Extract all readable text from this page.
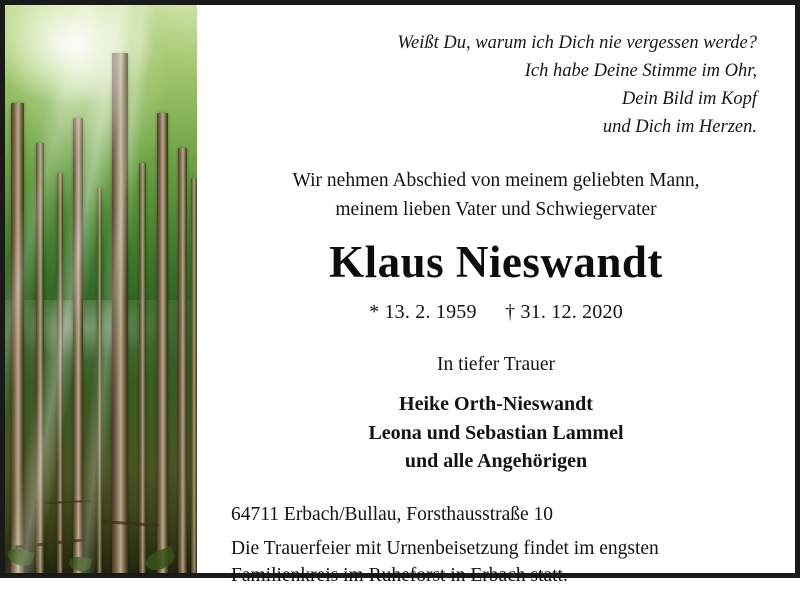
Weißt Du, warum ich Dich nie vergessen werde?
Ich habe Deine Stimme im Ohr,
Dein Bild im Kopf
und Dich im Herzen.
Wir nehmen Abschied von meinem geliebten Mann,
meinem lieben Vater und Schwiegervater
Klaus Nieswandt
* 13. 2. 1959 † 31. 12. 2020
In tiefer Trauer
Heike Orth-Nieswandt
Leona und Sebastian Lammel
und alle Angehörigen
64711 Erbach/Bullau, Forsthausstraße 10
Die Trauerfeier mit Urnenbeisetzung findet im engsten
Familienkreis im Ruheforst in Erbach statt.
